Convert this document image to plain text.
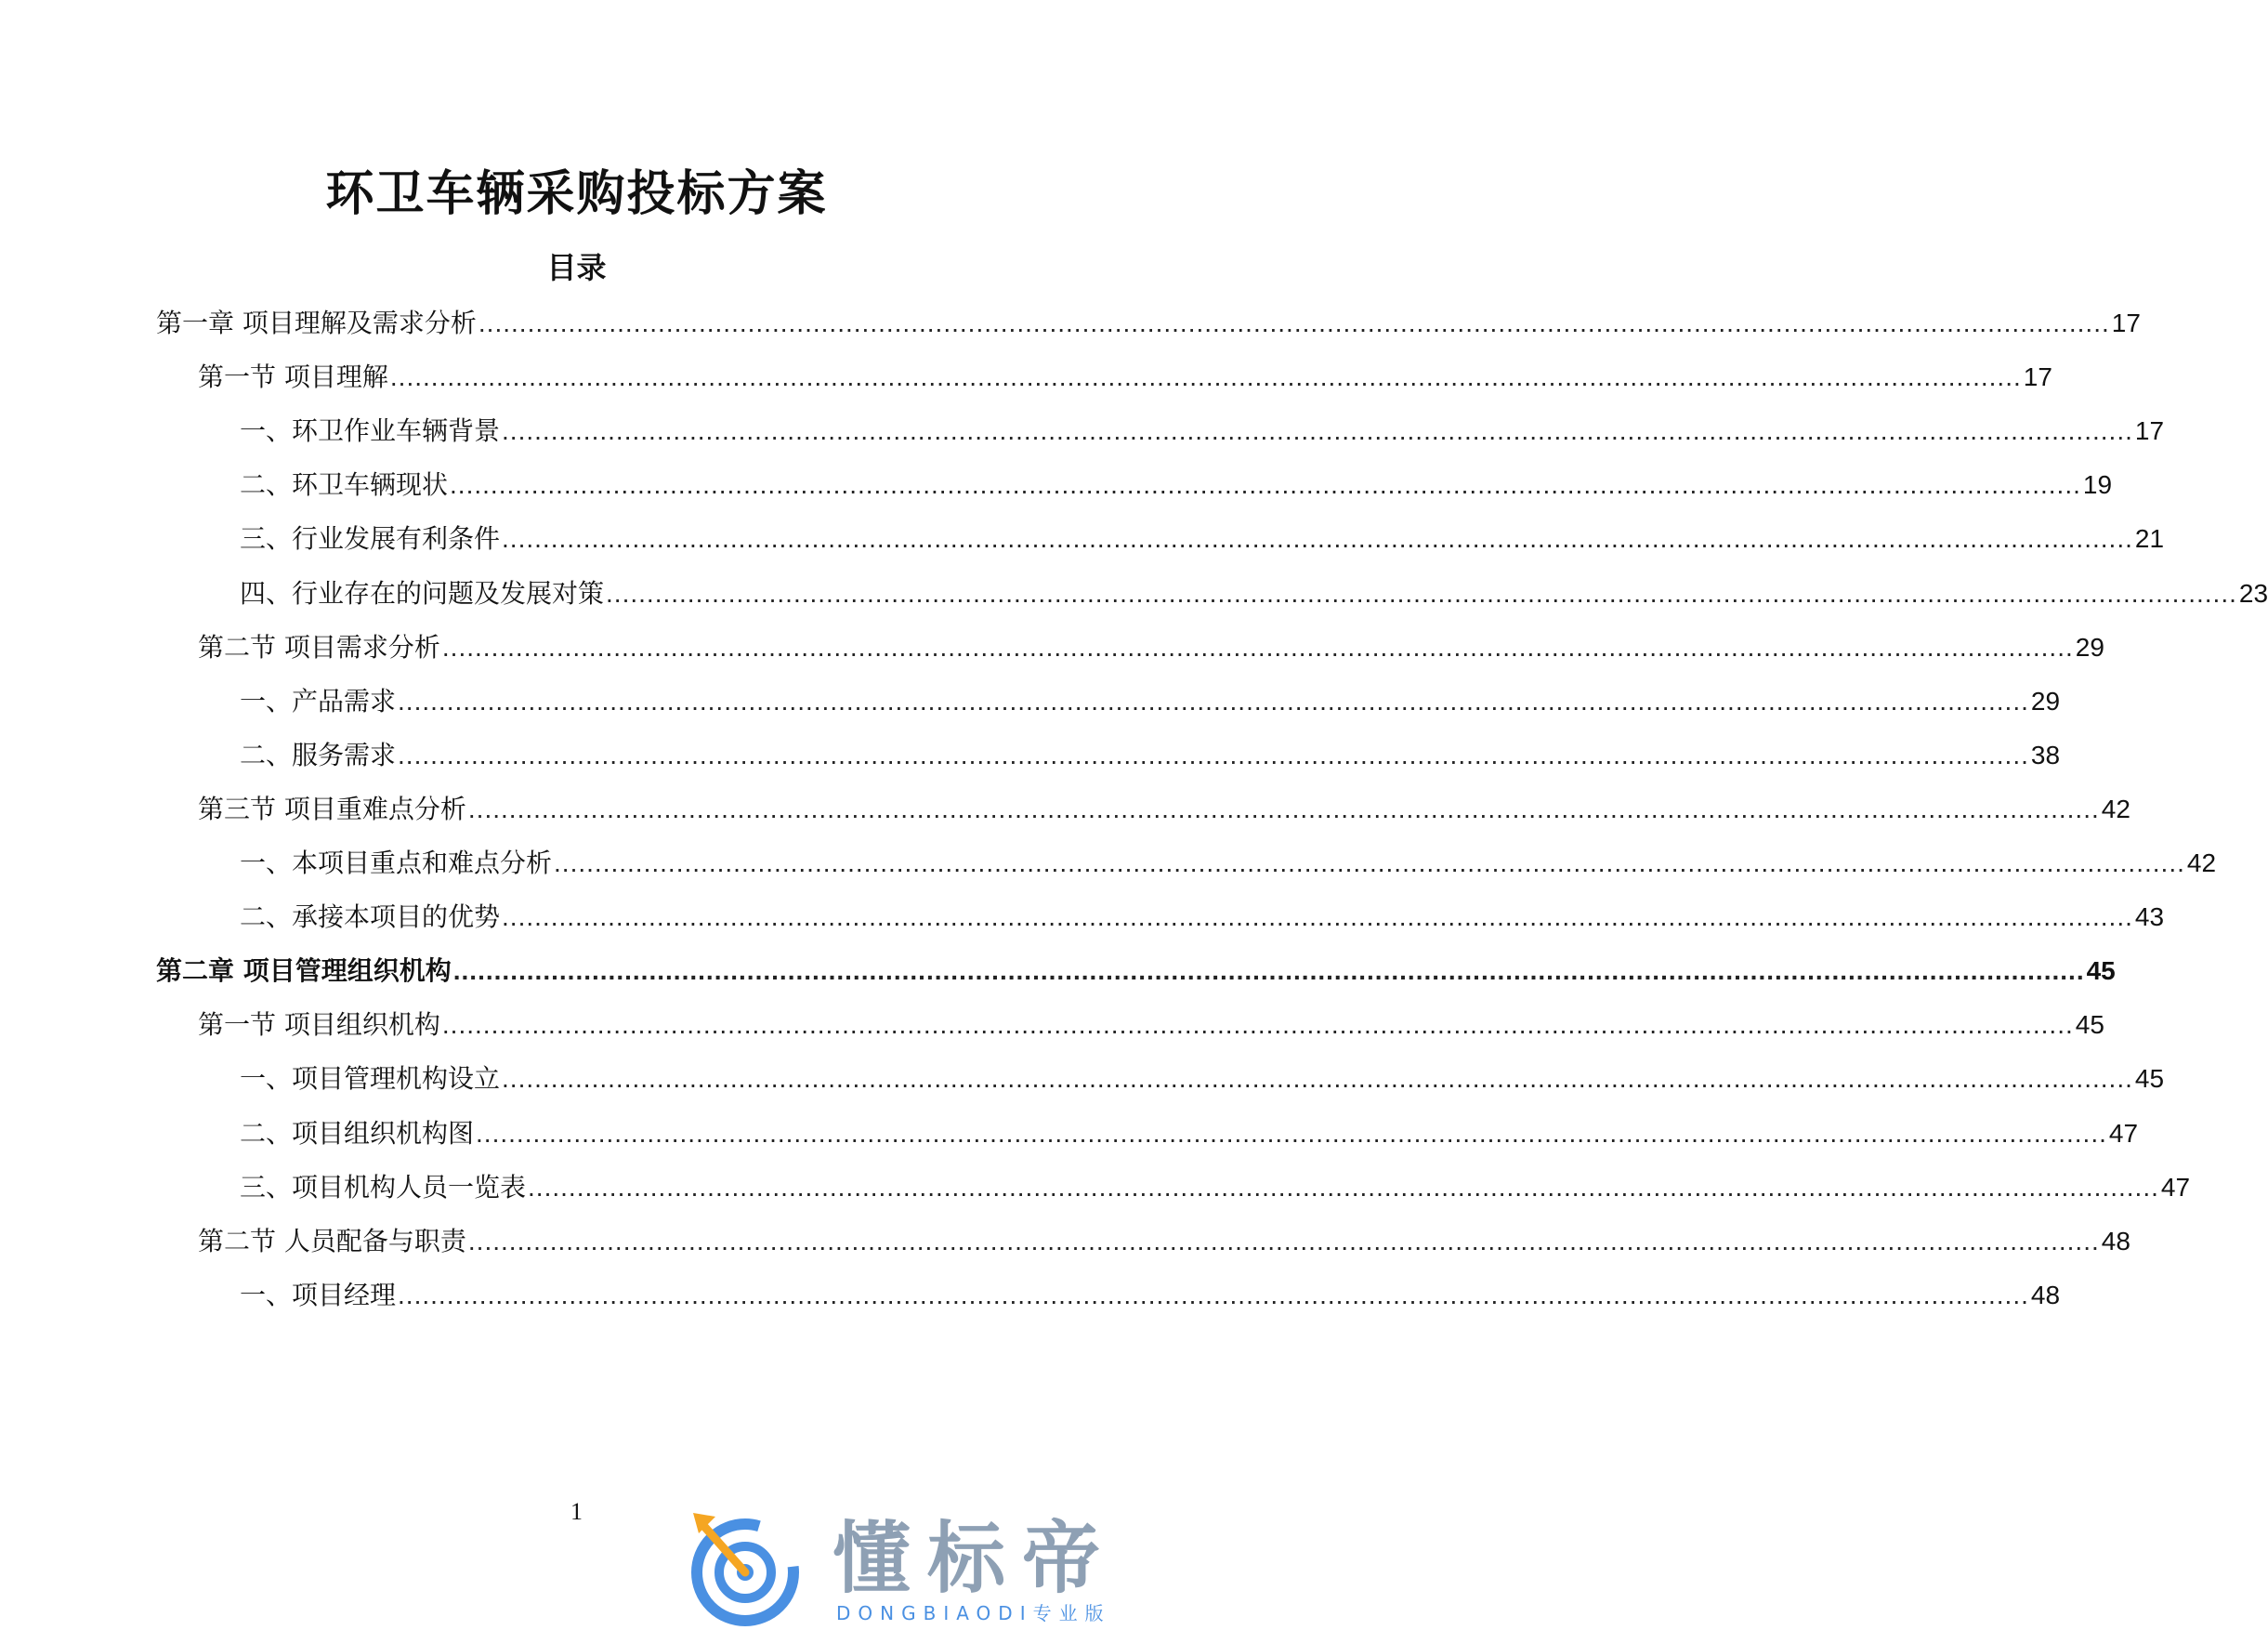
环卫车辆采购投标方案
目录
第一章 项目理解及需求分析 ........................................................................................................................................................................................................ 17
第一节 项目理解 ........................................................................................................................................................................................................ 17
一、环卫作业车辆背景 ........................................................................................................................................................................................................ 17
二、环卫车辆现状 ........................................................................................................................................................................................................ 19
三、行业发展有利条件 ........................................................................................................................................................................................................ 21
四、行业存在的问题及发展对策 ........................................................................................................................................................................................................ 23
第二节 项目需求分析 ........................................................................................................................................................................................................ 29
一、产品需求 ........................................................................................................................................................................................................ 29
二、服务需求 ........................................................................................................................................................................................................ 38
第三节 项目重难点分析 ........................................................................................................................................................................................................ 42
一、本项目重点和难点分析 ........................................................................................................................................................................................................ 42
二、承接本项目的优势 ........................................................................................................................................................................................................ 43
第二章 项目管理组织机构 ........................................................................................................................................................................................................ 45
第一节 项目组织机构 ........................................................................................................................................................................................................ 45
一、项目管理机构设立 ........................................................................................................................................................................................................ 45
二、项目组织机构图 ........................................................................................................................................................................................................ 47
三、项目机构人员一览表 ........................................................................................................................................................................................................ 47
第二节 人员配备与职责 ........................................................................................................................................................................................................ 48
一、项目经理 ........................................................................................................................................................................................................ 48
1
懂标帝
DONGBIAODI专业版
